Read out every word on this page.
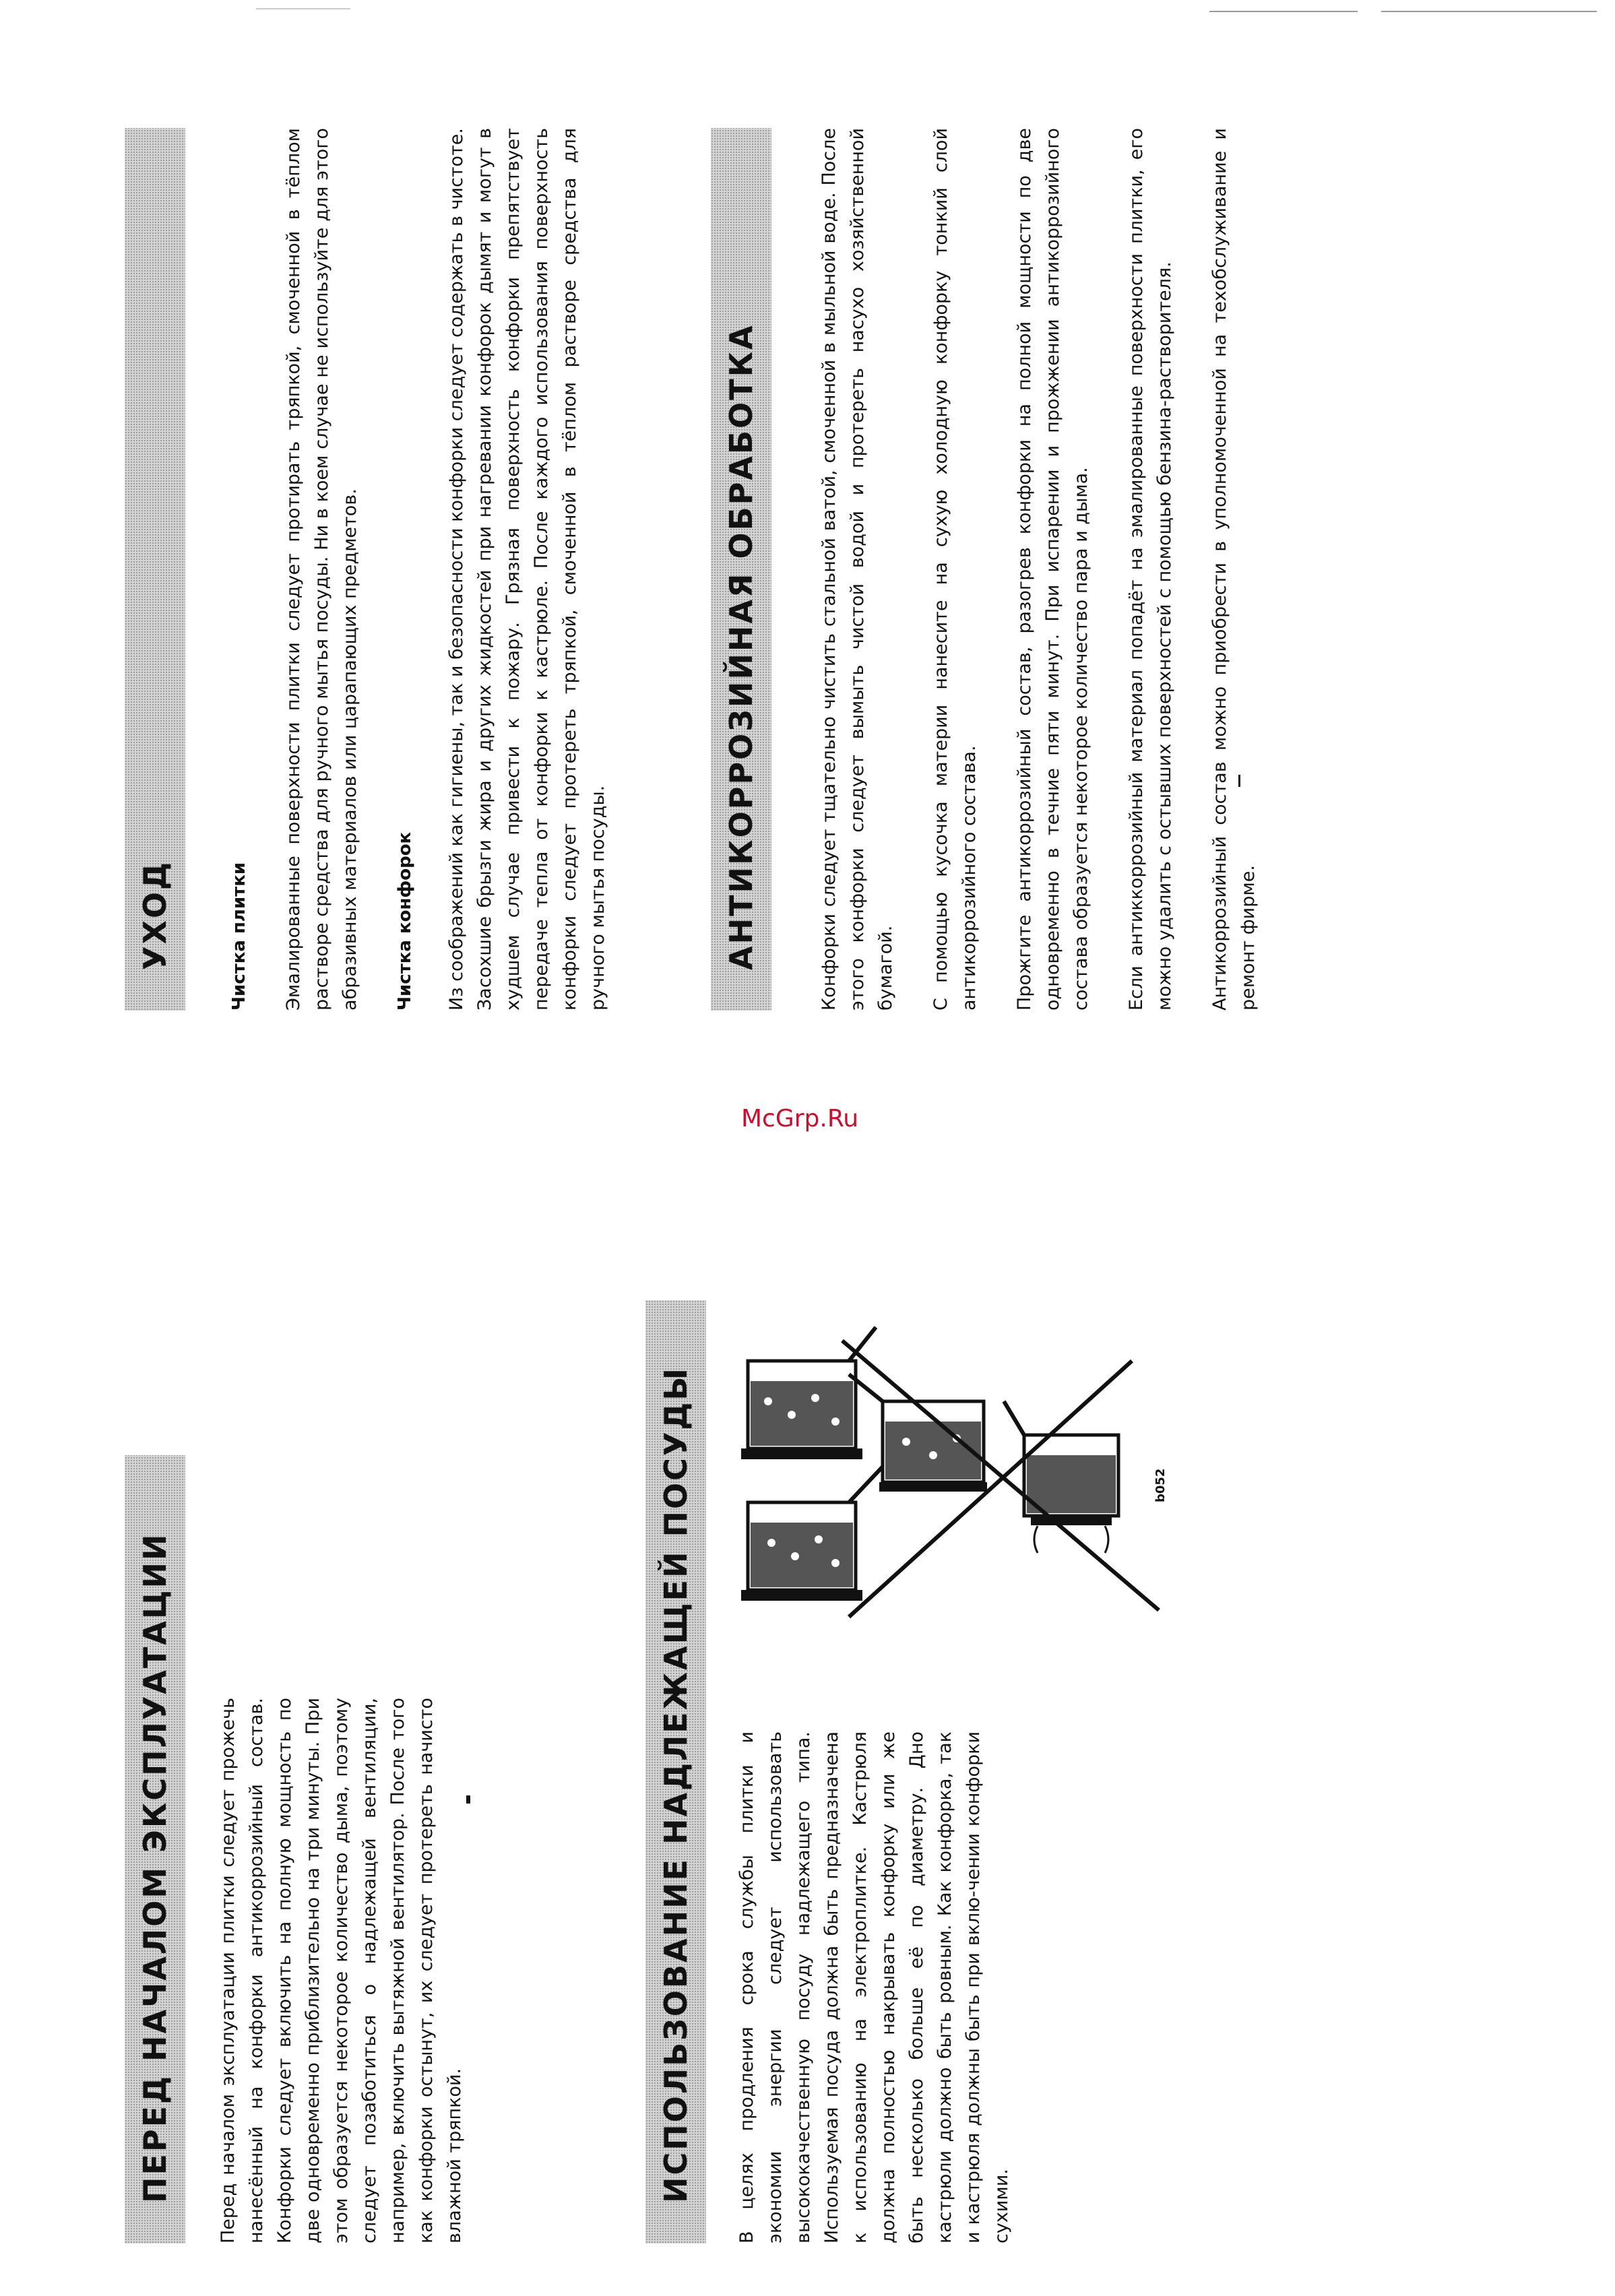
ПЕРЕД НАЧАЛОМ ЭКСПЛУАТАЦИИ Перед началом эксплуатации плитки следует прожечь нанесённый на конфорки антикоррозийный состав. Конфорки следует включить на полную мощность по две одновременно приблизительно на три минуты. При этом образуется некоторое количество дыма, поэтому следует позаботиться о надлежащей вентиляции, например, включить вытяжной вентилятор. После того как конфорки остынут, их следует протереть начисто влажной тряпкой.	ИСПОЛЬЗОВАНИЕ НАДЛЕЖАЩЕЙ ПОСУДЫ В целях продления срока службы плитки и экономии энергии следует использовать высококачественную посуду надлежащего типа. Используемая посуда должна быть предназначена к использованию на электроплитке. Кастрюля должна полностью накрывать конфорку или же быть несколько больше её по диаметру. Дно кастрюли должно быть ровным. Как конфорка, так и кастрюля должны быть при вклю-чении конфорки сухими.

b052
McGrp.Ru
УХОД	Чистка плитки Эмалированные поверхности плитки следует протирать тряпкой, смоченной в тёплом растворе средства для ручного мытья посуды. Ни в коем случае не используйте для этого абразивных материалов или царапающих предметов. Чистка конфорок Из соображений как гигиены, так и безопасности конфорки следует содержать в чистоте. Засохшие брызги жира и других жидкостей при нагревании конфорок дымят и могут в худшем случае привести к пожару. Грязная поверхность конфорки препятствует передаче тепла от конфорки к кастрюле. После каждого использования поверхность конфорки следует протереть тряпкой, смоченной в тёплом растворе средства для ручного мытья посуды.	АНТИКОРРОЗИЙНАЯ ОБРАБОТКА	Конфорки следует тщательно чистить стальной ватой, смоченной в мыльной воде. После этого конфорки следует вымыть чистой водой и протереть насухо хозяйственной бумагой. С помощью кусочка материи нанесите на сухую холодную конфорку тонкий слой антикоррозийного состава. Прожгите антикоррозийный состав, разогрев конфорки на полной мощности по две одновременно в течние пяти минут. При испарении и прожжении антикоррозийного состава образуется некоторое количество пара и дыма. Если антиккоррозийный материал попадёт на эмалированные поверхности плитки, его можно удалить с остывших поверхностей с помощью бензина-растворителя. Антикоррозийный состав можно приобрести в уполномоченной на техобслуживание и ремонт фирме.
